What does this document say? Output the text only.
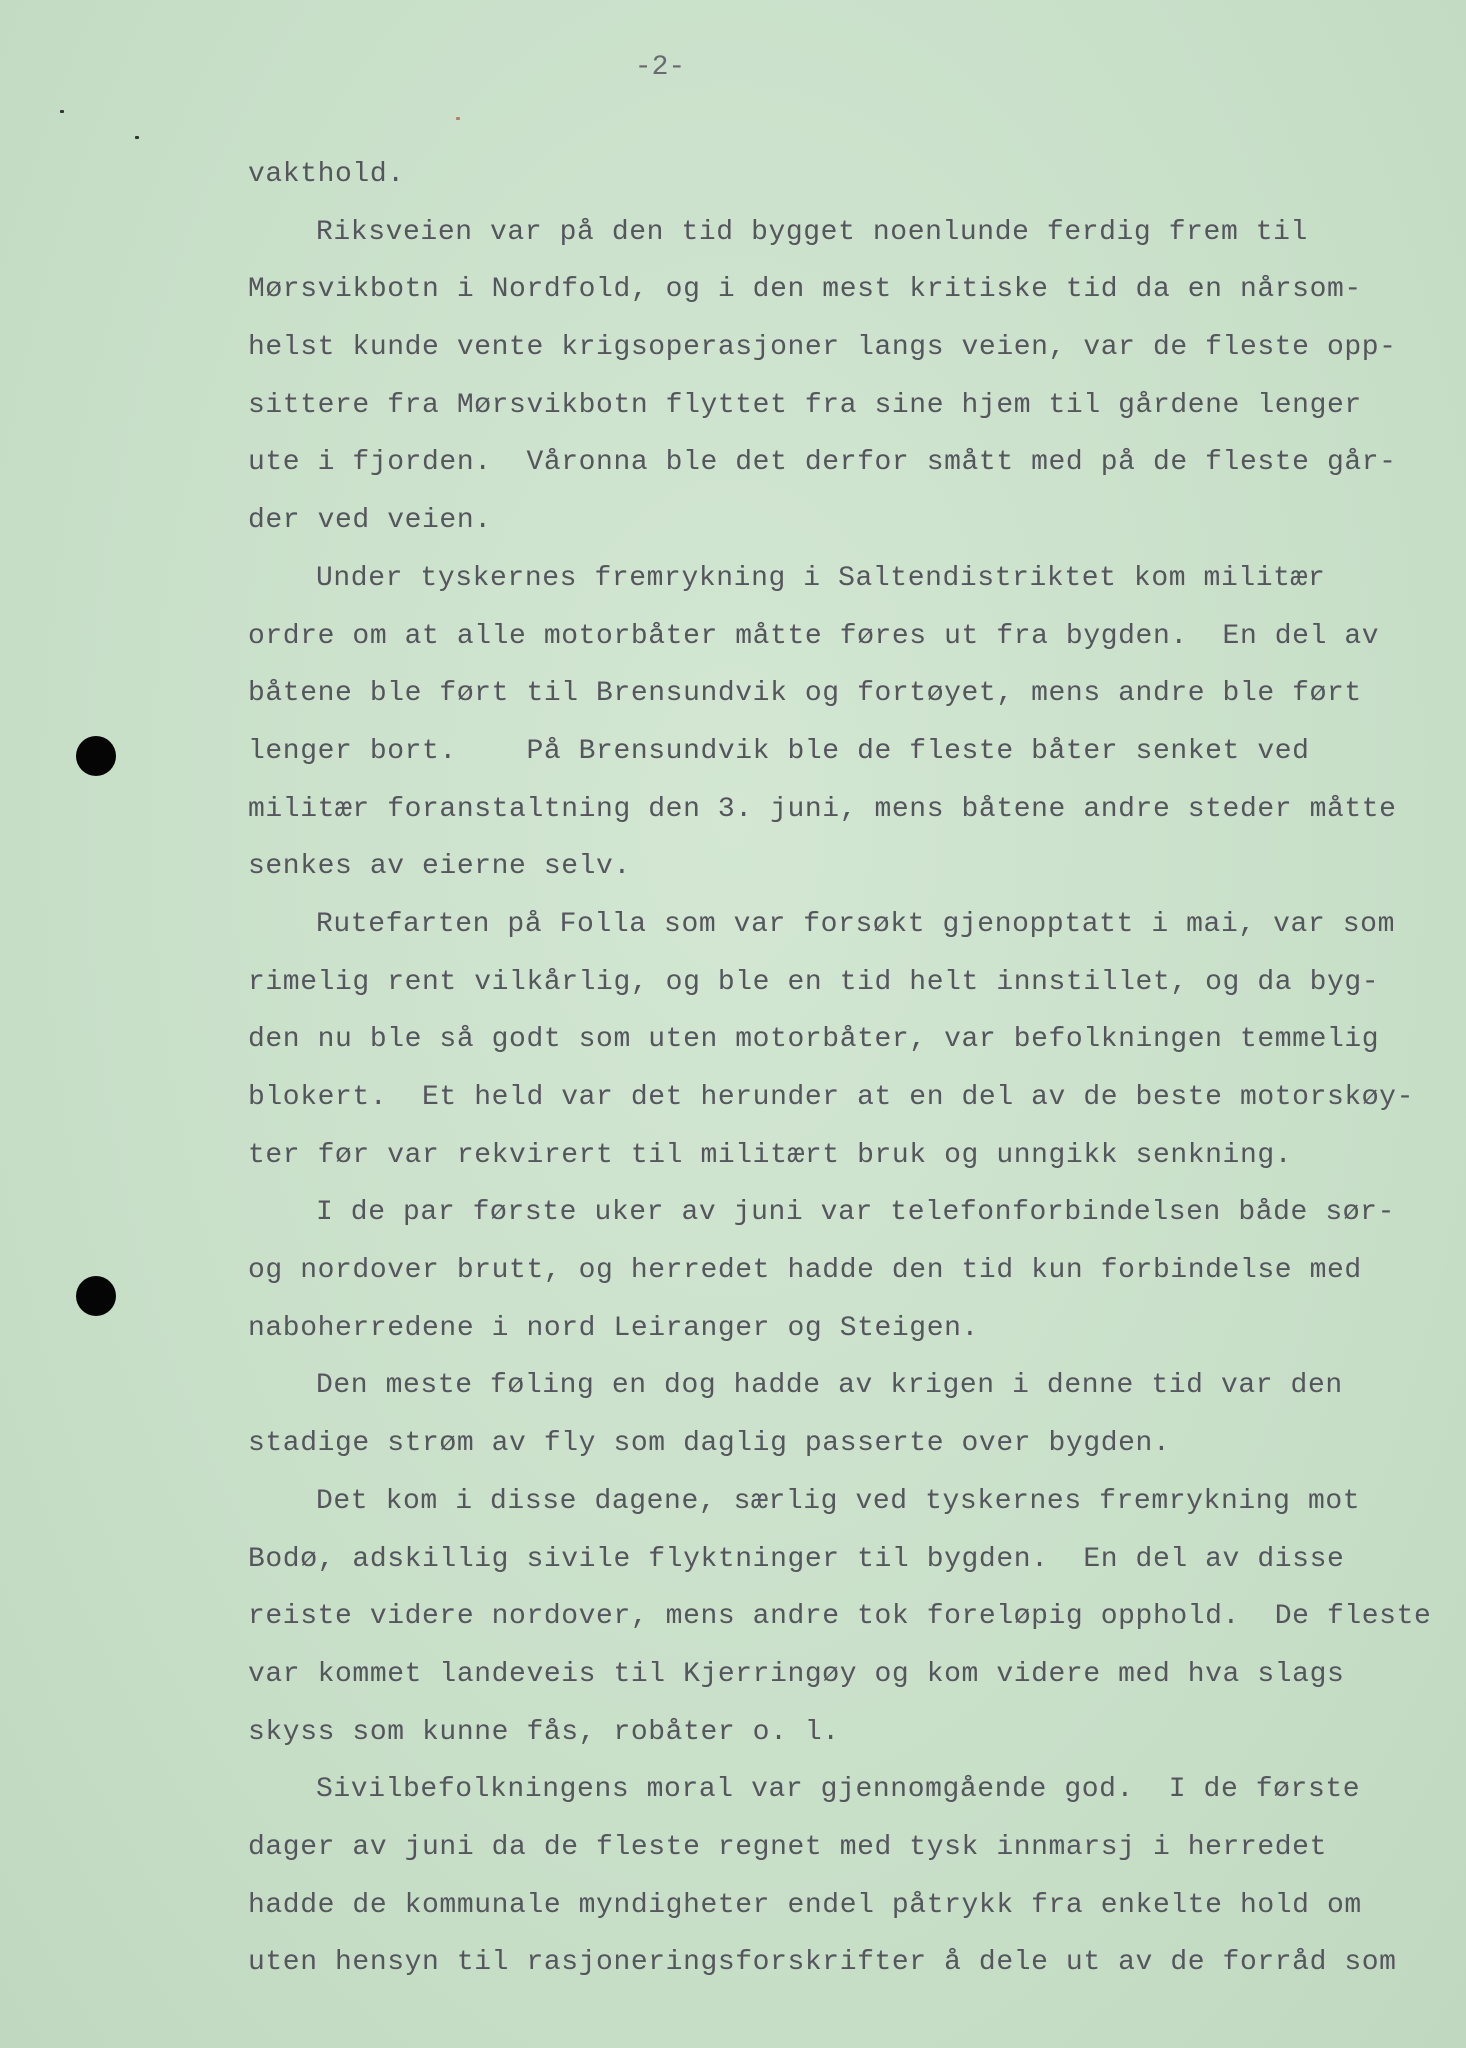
-2-
vakthold.
Riksveien var på den tid bygget noenlunde ferdig frem til
Mørsvikbotn i Nordfold, og i den mest kritiske tid da en nårsom-
helst kunde vente krigsoperasjoner langs veien, var de fleste opp-
sittere fra Mørsvikbotn flyttet fra sine hjem til gårdene lenger
ute i fjorden.  Våronna ble det derfor smått med på de fleste går-
der ved veien.
Under tyskernes fremrykning i Saltendistriktet kom militær
ordre om at alle motorbåter måtte føres ut fra bygden.  En del av
båtene ble ført til Brensundvik og fortøyet, mens andre ble ført
lenger bort.    På Brensundvik ble de fleste båter senket ved
militær foranstaltning den 3. juni, mens båtene andre steder måtte
senkes av eierne selv.
Rutefarten på Folla som var forsøkt gjenopptatt i mai, var som
rimelig rent vilkårlig, og ble en tid helt innstillet, og da byg-
den nu ble så godt som uten motorbåter, var befolkningen temmelig
blokert.  Et held var det herunder at en del av de beste motorskøy-
ter før var rekvirert til militært bruk og unngikk senkning.
I de par første uker av juni var telefonforbindelsen både sør-
og nordover brutt, og herredet hadde den tid kun forbindelse med
naboherredene i nord Leiranger og Steigen.
Den meste føling en dog hadde av krigen i denne tid var den
stadige strøm av fly som daglig passerte over bygden.
Det kom i disse dagene, særlig ved tyskernes fremrykning mot
Bodø, adskillig sivile flyktninger til bygden.  En del av disse
reiste videre nordover, mens andre tok foreløpig opphold.  De fleste
var kommet landeveis til Kjerringøy og kom videre med hva slags
skyss som kunne fås, robåter o. l.
Sivilbefolkningens moral var gjennomgående god.  I de første
dager av juni da de fleste regnet med tysk innmarsj i herredet
hadde de kommunale myndigheter endel påtrykk fra enkelte hold om
uten hensyn til rasjoneringsforskrifter å dele ut av de forråd som
